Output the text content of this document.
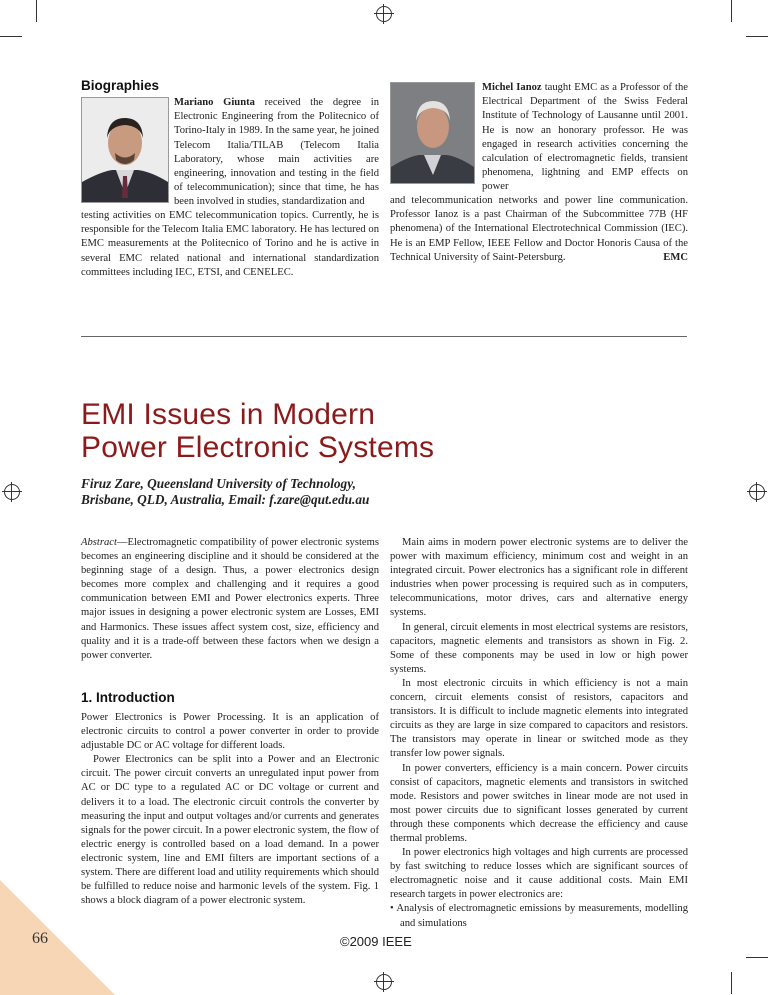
Biographies
Mariano Giunta received the degree in Electronic Engineering from the Politecnico of Torino-Italy in 1989. In the same year, he joined Telecom Italia/TILAB (Telecom Italia Laboratory, whose main activities are engineering, innovation and testing in the field of telecommunication); since that time, he has been involved in studies, standardization and
testing activities on EMC telecommunication topics. Currently, he is responsible for the Telecom Italia EMC laboratory. He has lectured on EMC measurements at the Politecnico of Torino and he is active in several EMC related national and international standardization committees including IEC, ETSI, and CENELEC.
Michel Ianoz taught EMC as a Professor of the Electrical Department of the Swiss Federal Institute of Technology of Lausanne until 2001. He is now an honorary professor. He was engaged in research activities concerning the calculation of electromagnetic fields, transient phenomena, lightning and EMP effects on power
and telecommunication networks and power line communication. Professor Ianoz is a past Chairman of the Subcommittee 77B (HF phenomena) of the International Electrotechnical Commission (IEC). He is an EMP Fellow, IEEE Fellow and Doctor Honoris Causa of the Technical University of Saint-Petersburg.	EMC
EMI Issues in Modern
Power Electronic Systems
Firuz Zare, Queensland University of Technology,
Brisbane, QLD, Australia, Email: f.zare@qut.edu.au

Abstract—Electromagnetic compatibility of power electronic systems becomes an engineering discipline and it should be considered at the beginning stage of a design. Thus, a power electronics design becomes more complex and challenging and it requires a good communication between EMI and Power electronics experts. Three major issues in designing a power electronic system are Losses, EMI and Harmonics. These issues affect system cost, size, efficiency and quality and it is a trade-off between these factors when we design a power converter.

1. Introduction

Power Electronics is Power Processing. It is an application of electronic circuits to control a power converter in order to provide adjustable DC or AC voltage for different loads.

Power Electronics can be split into a Power and an Electronic circuit. The power circuit converts an unregulated input power from AC or DC type to a regulated AC or DC voltage or current and delivers it to a load. The electronic circuit controls the converter by measuring the input and output voltages and/or currents and generates signals for the power circuit. In a power electronic system, the flow of electric energy is controlled based on a load demand. In a power electronic system, line and EMI filters are important sections of a system. There are different load and utility requirements which should be fulfilled to reduce noise and harmonic levels of the system. Fig. 1 shows a block diagram of a power electronic system.

Main aims in modern power electronic systems are to deliver the power with maximum efficiency, minimum cost and weight in an integrated circuit. Power electronics has a significant role in different industries when power processing is required such as in computers, telecommunications, motor drives, cars and alternative energy systems.

In general, circuit elements in most electrical systems are resistors, capacitors, magnetic elements and transistors as shown in Fig. 2. Some of these components may be used in low or high power systems.

In most electronic circuits in which efficiency is not a main concern, circuit elements consist of resistors, capacitors and transistors. It is difficult to include magnetic elements into integrated circuits as they are large in size compared to capacitors and resistors. The transistors may operate in linear or switched mode as they transfer low power signals.

In power converters, efficiency is a main concern. Power circuits consist of capacitors, magnetic elements and transistors in switched mode. Resistors and power switches in linear mode are not used in most power circuits due to significant losses generated by current through these components which decrease the efficiency and cause thermal problems.

In power electronics high voltages and high currents are processed by fast switching to reduce losses which are significant sources of electromagnetic noise and it cause additional costs. Main EMI research targets in power electronics are:

• Analysis of electromagnetic emissions by measurements, modelling and simulations

66	©2009 IEEE
